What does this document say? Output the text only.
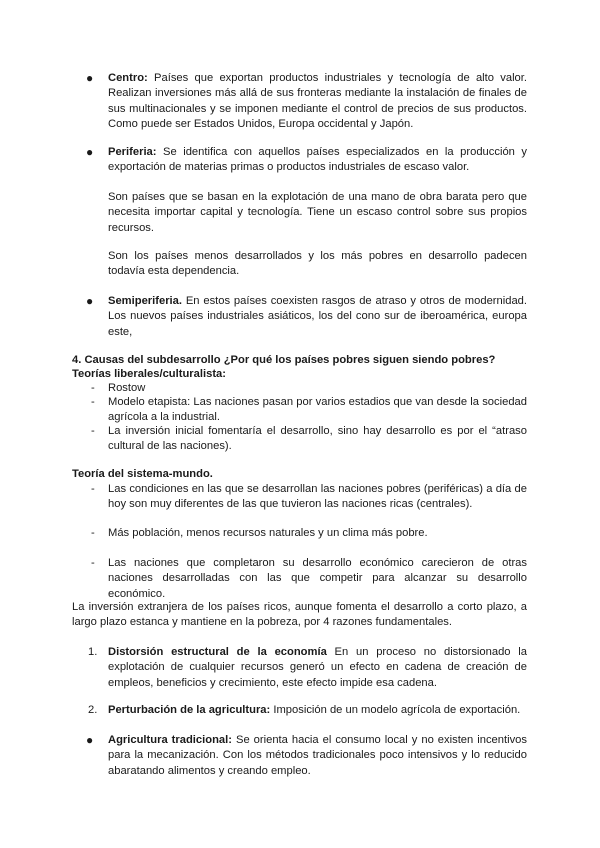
● Centro: Países que exportan productos industriales y tecnología de alto valor. Realizan inversiones más allá de sus fronteras mediante la instalación de finales de sus multinacionales y se imponen mediante el control de precios de sus productos. Como puede ser Estados Unidos, Europa occidental y Japón.

● Periferia: Se identifica con aquellos países especializados en la producción y exportación de materias primas o productos industriales de escaso valor.

Son países que se basan en la explotación de una mano de obra barata pero que necesita importar capital y tecnología. Tiene un escaso control sobre sus propios recursos.

Son los países menos desarrollados y los más pobres en desarrollo padecen todavía esta dependencia.

● Semiperiferia. En estos países coexisten rasgos de atraso y otros de modernidad. Los nuevos países industriales asiáticos, los del cono sur de iberoamérica, europa este,

4. Causas del subdesarrollo ¿Por qué los países pobres siguen siendo pobres?

Teorías liberales/culturalista:

- Rostow

- Modelo etapista: Las naciones pasan por varios estadios que van desde la sociedad agrícola a la industrial.

- La inversión inicial fomentaría el desarrollo, sino hay desarrollo es por el “atraso cultural de las naciones).

Teoría del sistema-mundo.

- Las condiciones en las que se desarrollan las naciones pobres (periféricas) a día de hoy son muy diferentes de las que tuvieron las naciones ricas (centrales).

- Más población, menos recursos naturales y un clima más pobre.

- Las naciones que completaron su desarrollo económico carecieron de otras naciones desarrolladas con las que competir para alcanzar su desarrollo económico.

La inversión extranjera de los países ricos, aunque fomenta el desarrollo a corto plazo, a largo plazo estanca y mantiene en la pobreza, por 4 razones fundamentales.

1. Distorsión estructural de la economía En un proceso no distorsionado la explotación de cualquier recursos generó un efecto en cadena de creación de empleos, beneficios y crecimiento, este efecto impide esa cadena.

2. Perturbación de la agricultura: Imposición de un modelo agrícola de exportación.

● Agricultura tradicional: Se orienta hacia el consumo local y no existen incentivos para la mecanización. Con los métodos tradicionales poco intensivos y lo reducido abaratando alimentos y creando empleo.
